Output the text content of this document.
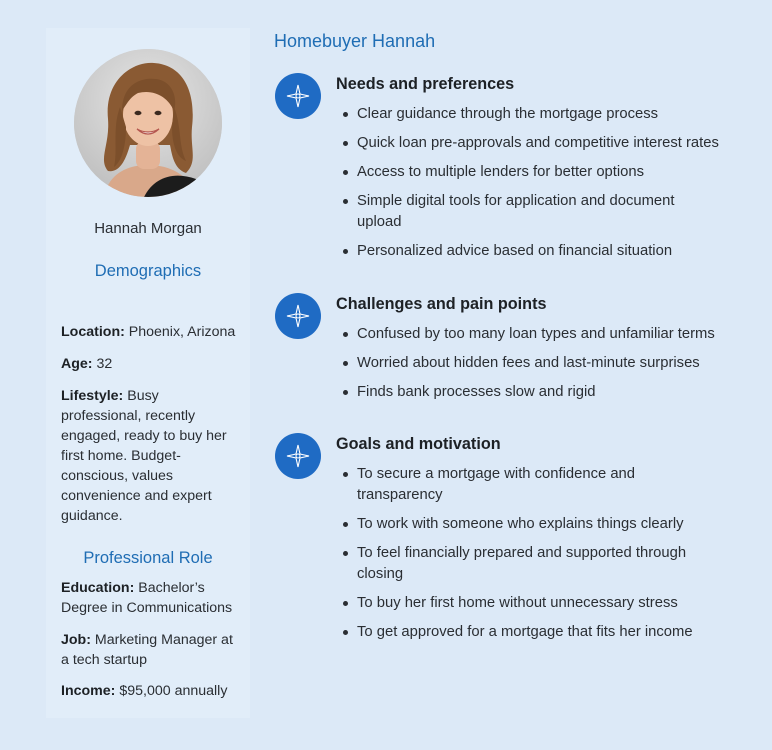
Hannah Morgan
Demographics
Location: Phoenix, Arizona
Age: 32
Lifestyle: Busy professional, recently engaged, ready to buy her first home. Budget-conscious, values convenience and expert guidance.
Professional Role
Education: Bachelor’s Degree in Communications
Job: Marketing Manager at a tech startup
Income: $95,000 annually
Homebuyer Hannah
Needs and preferences
Clear guidance through the mortgage process
Quick loan pre-approvals and competitive interest rates
Access to multiple lenders for better options
Simple digital tools for application and document upload
Personalized advice based on financial situation
Challenges and pain points
Confused by too many loan types and unfamiliar terms
Worried about hidden fees and last-minute surprises
Finds bank processes slow and rigid
Goals and motivation
To secure a mortgage with confidence and transparency
To work with someone who explains things clearly
To feel financially prepared and supported through closing
To buy her first home without unnecessary stress
To get approved for a mortgage that fits her income
